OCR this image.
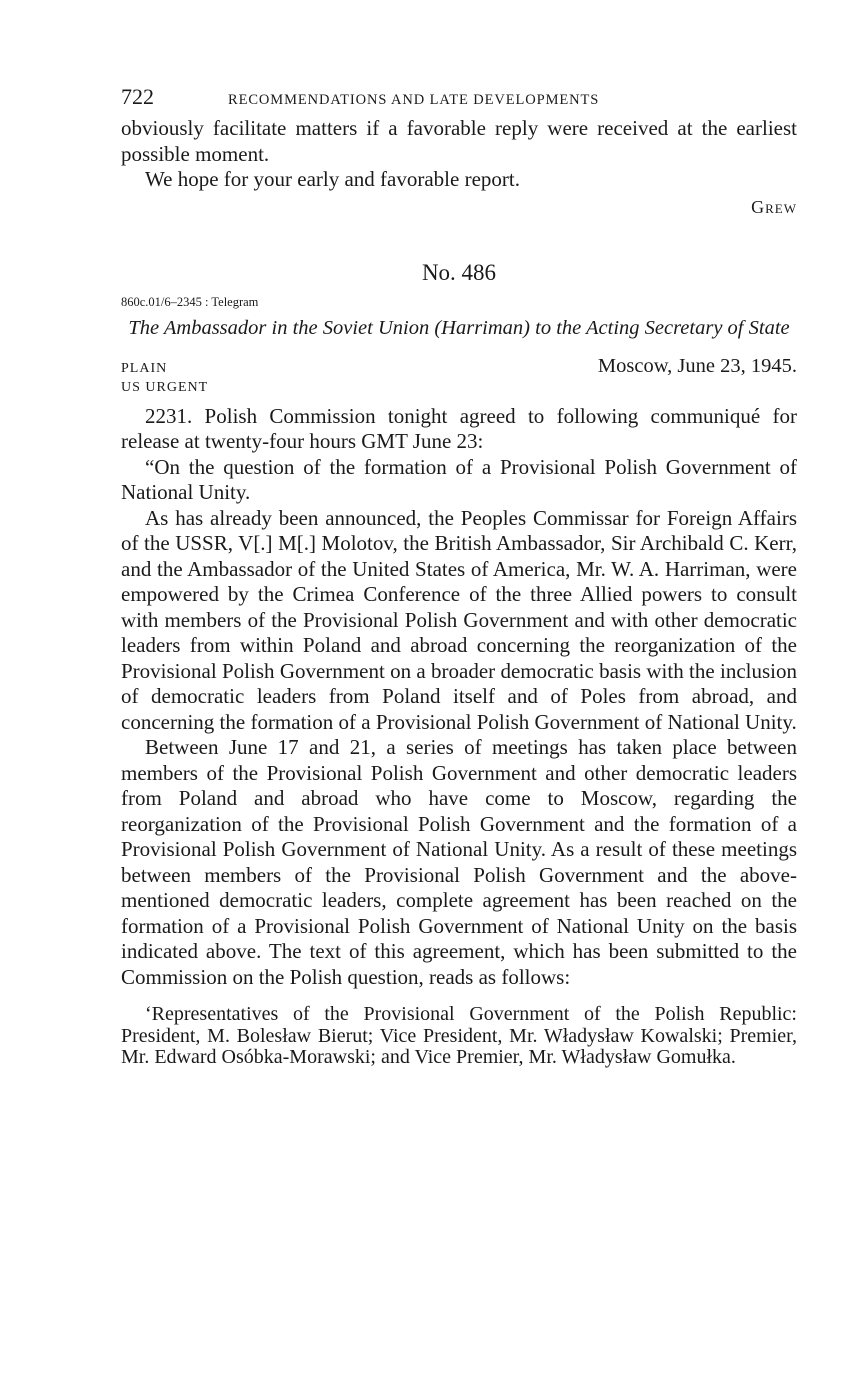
722	RECOMMENDATIONS AND LATE DEVELOPMENTS

obviously facilitate matters if a favorable reply were received at the earliest possible moment.

We hope for your early and favorable report.

Grew
No. 486
860c.01/6–2345 : Telegram
The Ambassador in the Soviet Union (Harriman) to the Acting Secretary of State
PLAIN	Moscow, June 23, 1945.
US URGENT

2231. Polish Commission tonight agreed to following communiqué for release at twenty-four hours GMT June 23:

“On the question of the formation of a Provisional Polish Government of National Unity.

As has already been announced, the Peoples Commissar for Foreign Affairs of the USSR, V[.] M[.] Molotov, the British Ambassador, Sir Archibald C. Kerr, and the Ambassador of the United States of America, Mr. W. A. Harriman, were empowered by the Crimea Conference of the three Allied powers to consult with members of the Provisional Polish Government and with other democratic leaders from within Poland and abroad concerning the reorganization of the Provisional Polish Government on a broader democratic basis with the inclusion of democratic leaders from Poland itself and of Poles from abroad, and concerning the formation of a Provisional Polish Government of National Unity.

Between June 17 and 21, a series of meetings has taken place between members of the Provisional Polish Government and other democratic leaders from Poland and abroad who have come to Moscow, regarding the reorganization of the Provisional Polish Government and the formation of a Provisional Polish Government of National Unity. As a result of these meetings between members of the Provisional Polish Government and the above-mentioned democratic leaders, complete agreement has been reached on the formation of a Provisional Polish Government of National Unity on the basis indicated above. The text of this agreement, which has been submitted to the Commission on the Polish question, reads as follows:

‘Representatives of the Provisional Government of the Polish Republic: President, M. Bolesław Bierut; Vice President, Mr. Władysław Kowalski; Premier, Mr. Edward Osóbka-Morawski; and Vice Premier, Mr. Władysław Gomułka.
